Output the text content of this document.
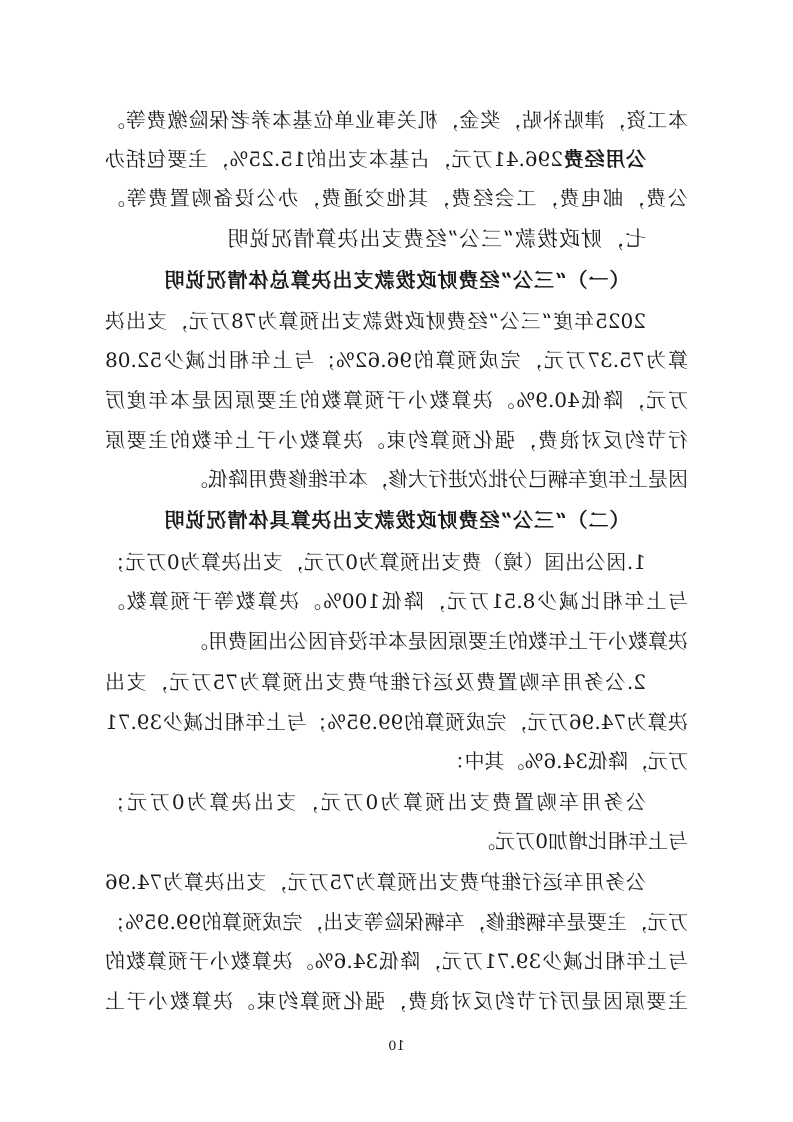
本工资，津贴补贴，奖金，机关事业单位基本养老保险缴费等。
公用经费296.41万元，占基本支出的15.25%，主要包括办
公费，邮电费，工会经费，其他交通费，办公设备购置费等。
七，财政拨款“三公”经费支出决算情况说明
（一）“三公”经费财政拨款支出决算总体情况说明
2025年度“三公”经费财政拨款支出预算为78万元，支出决
算为75.37万元，完成预算的96.62%；与上年相比减少52.08
万元，降低40.9%。决算数小于预算数的主要原因是本年度厉
行节约反对浪费，强化预算约束。决算数小于上年数的主要原
因是上年度车辆已分批次进行大修，本年维修费用降低。
（二）“三公”经费财政拨款支出决算具体情况说明
1.因公出国（境）费支出预算为0万元，支出决算为0万元；
与上年相比减少8.51万元，降低100%。决算数等于预算数。
决算数小于上年数的主要原因是本年没有因公出国费用。
2.公务用车购置费及运行维护费支出预算为75万元，支出
决算为74.96万元，完成预算的99.95%；与上年相比减少39.71
万元，降低34.6%。其中：
公务用车购置费支出预算为0万元，支出决算为0万元；
与上年相比增加0万元。
公务用车运行维护费支出预算为75万元，支出决算为74.96
万元，主要是车辆维修，车辆保险等支出，完成预算的99.95%；
与上年相比减少39.71万元，降低34.6%。决算数小于预算数的
主要原因是厉行节约反对浪费，强化预算约束。决算数小于上
10
